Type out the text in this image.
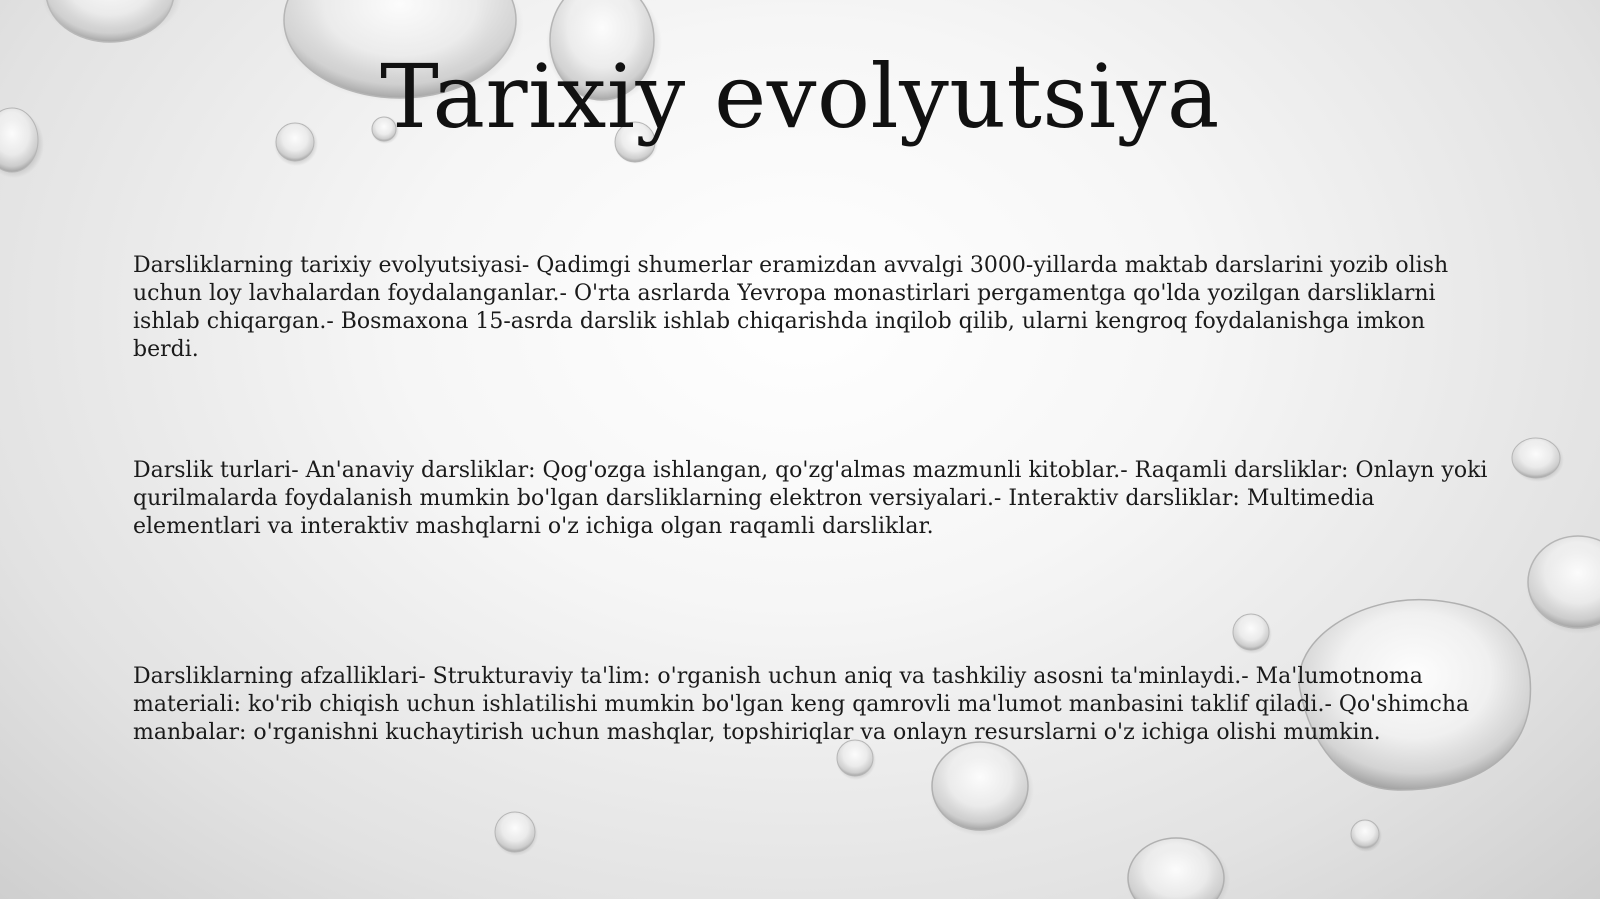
Tarixiy evolyutsiya

Darsliklarning tarixiy evolyutsiyasi- Qadimgi shumerlar eramizdan avvalgi 3000-yillarda maktab darslarini yozib olish uchun loy lavhalardan foydalanganlar.- O'rta asrlarda Yevropa monastirlari pergamentga qo'lda yozilgan darsliklarni ishlab chiqargan.- Bosmaxona 15-asrda darslik ishlab chiqarishda inqilob qilib, ularni kengroq foydalanishga imkon berdi.

Darslik turlari- An'anaviy darsliklar: Qog'ozga ishlangan, qo'zg'almas mazmunli kitoblar.- Raqamli darsliklar: Onlayn yoki qurilmalarda foydalanish mumkin bo'lgan darsliklarning elektron versiyalari.- Interaktiv darsliklar: Multimedia elementlari va interaktiv mashqlarni o'z ichiga olgan raqamli darsliklar.

Darsliklarning afzalliklari- Strukturaviy ta'lim: o'rganish uchun aniq va tashkiliy asosni ta'minlaydi.- Ma'lumotnoma materiali: ko'rib chiqish uchun ishlatilishi mumkin bo'lgan keng qamrovli ma'lumot manbasini taklif qiladi.- Qo'shimcha manbalar: o'rganishni kuchaytirish uchun mashqlar, topshiriqlar va onlayn resurslarni o'z ichiga olishi mumkin.
